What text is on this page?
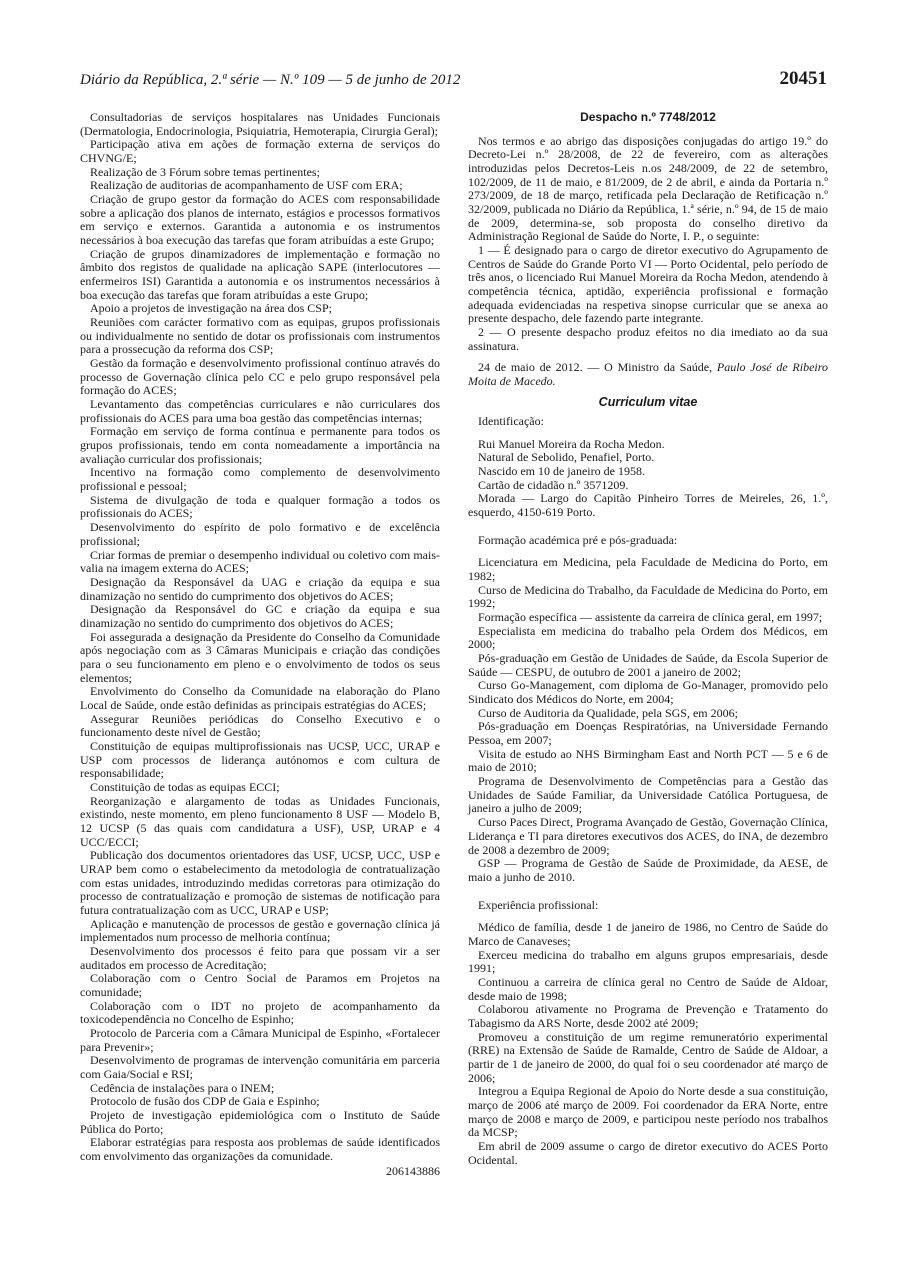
Diário da República, 2.ª série — N.º 109 — 5 de junho de 2012	20451

Consultadorias de serviços hospitalares nas Unidades Funcionais (Dermatologia, Endocrinologia, Psiquiatria, Hemoterapia, Cirurgia Geral);

Participação ativa em ações de formação externa de serviços do CHVNG/E;

Realização de 3 Fórum sobre temas pertinentes;

Realização de auditorias de acompanhamento de USF com ERA;

Criação de grupo gestor da formação do ACES com responsabilidade sobre a aplicação dos planos de internato, estágios e processos formativos em serviço e externos. Garantida a autonomia e os instrumentos necessários à boa execução das tarefas que foram atribuídas a este Grupo;

Criação de grupos dinamizadores de implementação e formação no âmbito dos registos de qualidade na aplicação SAPE (interlocutores — enfermeiros ISI) Garantida a autonomia e os instrumentos necessários à boa execução das tarefas que foram atribuídas a este Grupo;

Apoio a projetos de investigação na área dos CSP;

Reuniões com carácter formativo com as equipas, grupos profissionais ou individualmente no sentido de dotar os profissionais com instrumentos para a prossecução da reforma dos CSP;

Gestão da formação e desenvolvimento profissional contínuo através do processo de Governação clínica pelo CC e pelo grupo responsável pela formação do ACES;

Levantamento das competências curriculares e não curriculares dos profissionais do ACES para uma boa gestão das competências internas;

Formação em serviço de forma contínua e permanente para todos os grupos profissionais, tendo em conta nomeadamente a importância na avaliação curricular dos profissionais;

Incentivo na formação como complemento de desenvolvimento profissional e pessoal;

Sistema de divulgação de toda e qualquer formação a todos os profissionais do ACES;

Desenvolvimento do espírito de polo formativo e de excelência profissional;

Criar formas de premiar o desempenho individual ou coletivo com mais-valia na imagem externa do ACES;

Designação da Responsável da UAG e criação da equipa e sua dinamização no sentido do cumprimento dos objetivos do ACES;

Designação da Responsável do GC e criação da equipa e sua dinamização no sentido do cumprimento dos objetivos do ACES;

Foi assegurada a designação da Presidente do Conselho da Comunidade após negociação com as 3 Câmaras Municipais e criação das condições para o seu funcionamento em pleno e o envolvimento de todos os seus elementos;

Envolvimento do Conselho da Comunidade na elaboração do Plano Local de Saúde, onde estão definidas as principais estratégias do ACES;

Assegurar Reuniões periódicas do Conselho Executivo e o funcionamento deste nível de Gestão;

Constituição de equipas multiprofissionais nas UCSP, UCC, URAP e USP com processos de liderança autónomos e com cultura de responsabilidade;

Constituição de todas as equipas ECCI;

Reorganização e alargamento de todas as Unidades Funcionais, existindo, neste momento, em pleno funcionamento 8 USF — Modelo B, 12 UCSP (5 das quais com candidatura a USF), USP, URAP e 4 UCC/ECCI;

Publicação dos documentos orientadores das USF, UCSP, UCC, USP e URAP bem como o estabelecimento da metodologia de contratualização com estas unidades, introduzindo medidas corretoras para otimização do processo de contratualização e promoção de sistemas de notificação para futura contratualização com as UCC, URAP e USP;

Aplicação e manutenção de processos de gestão e governação clínica já implementados num processo de melhoria contínua;

Desenvolvimento dos processos é feito para que possam vir a ser auditados em processo de Acreditação;

Colaboração com o Centro Social de Paramos em Projetos na comunidade;

Colaboração com o IDT no projeto de acompanhamento da toxicodependência no Concelho de Espinho;

Protocolo de Parceria com a Câmara Municipal de Espinho, «Fortalecer para Prevenir»;

Desenvolvimento de programas de intervenção comunitária em parceria com Gaia/Social e RSI;

Cedência de instalações para o INEM;

Protocolo de fusão dos CDP de Gaia e Espinho;

Projeto de investigação epidemiológica com o Instituto de Saúde Pública do Porto;

Elaborar estratégias para resposta aos problemas de saúde identificados com envolvimento das organizações da comunidade.

206143886

Despacho n.º 7748/2012

Nos termos e ao abrigo das disposições conjugadas do artigo 19.º do Decreto-Lei n.º 28/2008, de 22 de fevereiro, com as alterações introduzidas pelos Decretos-Leis n.os 248/2009, de 22 de setembro, 102/2009, de 11 de maio, e 81/2009, de 2 de abril, e ainda da Portaria n.º 273/2009, de 18 de março, retificada pela Declaração de Retificação n.º 32/2009, publicada no Diário da República, 1.ª série, n.º 94, de 15 de maio de 2009, determina-se, sob proposta do conselho diretivo da Administração Regional de Saúde do Norte, I. P., o seguinte:

1 — É designado para o cargo de diretor executivo do Agrupamento de Centros de Saúde do Grande Porto VI — Porto Ocidental, pelo período de três anos, o licenciado Rui Manuel Moreira da Rocha Medon, atendendo à competência técnica, aptidão, experiência profissional e formação adequada evidenciadas na respetiva sinopse curricular que se anexa ao presente despacho, dele fazendo parte integrante.

2 — O presente despacho produz efeitos no dia imediato ao da sua assinatura.

24 de maio de 2012. — O Ministro da Saúde, Paulo José de Ribeiro Moita de Macedo.

Curriculum vitae

Identificação:

Rui Manuel Moreira da Rocha Medon.

Natural de Sebolido, Penafiel, Porto.

Nascido em 10 de janeiro de 1958.

Cartão de cidadão n.º 3571209.

Morada — Largo do Capitão Pinheiro Torres de Meireles, 26, 1.º, esquerdo, 4150-619 Porto.

Formação académica pré e pós-graduada:

Licenciatura em Medicina, pela Faculdade de Medicina do Porto, em 1982;

Curso de Medicina do Trabalho, da Faculdade de Medicina do Porto, em 1992;

Formação específica — assistente da carreira de clínica geral, em 1997;

Especialista em medicina do trabalho pela Ordem dos Médicos, em 2000;

Pós-graduação em Gestão de Unidades de Saúde, da Escola Superior de Saúde — CESPU, de outubro de 2001 a janeiro de 2002;

Curso Go-Management, com diploma de Go-Manager, promovido pelo Sindicato dos Médicos do Norte, em 2004;

Curso de Auditoria da Qualidade, pela SGS, em 2006;

Pós-graduação em Doenças Respiratórias, na Universidade Fernando Pessoa, em 2007;

Visita de estudo ao NHS Birmingham East and North PCT — 5 e 6 de maio de 2010;

Programa de Desenvolvimento de Competências para a Gestão das Unidades de Saúde Familiar, da Universidade Católica Portuguesa, de janeiro a julho de 2009;

Curso Paces Direct, Programa Avançado de Gestão, Governação Clínica, Liderança e TI para diretores executivos dos ACES, do INA, de dezembro de 2008 a dezembro de 2009;

GSP — Programa de Gestão de Saúde de Proximidade, da AESE, de maio a junho de 2010.

Experiência profissional:

Médico de família, desde 1 de janeiro de 1986, no Centro de Saúde do Marco de Canaveses;

Exerceu medicina do trabalho em alguns grupos empresariais, desde 1991;

Continuou a carreira de clínica geral no Centro de Saúde de Aldoar, desde maio de 1998;

Colaborou ativamente no Programa de Prevenção e Tratamento do Tabagismo da ARS Norte, desde 2002 até 2009;

Promoveu a constituição de um regime remuneratório experimental (RRE) na Extensão de Saúde de Ramalde, Centro de Saúde de Aldoar, a partir de 1 de janeiro de 2000, do qual foi o seu coordenador até março de 2006;

Integrou a Equipa Regional de Apoio do Norte desde a sua constituição, março de 2006 até março de 2009. Foi coordenador da ERA Norte, entre março de 2008 e março de 2009, e participou neste período nos trabalhos da MCSP;

Em abril de 2009 assume o cargo de diretor executivo do ACES Porto Ocidental.
